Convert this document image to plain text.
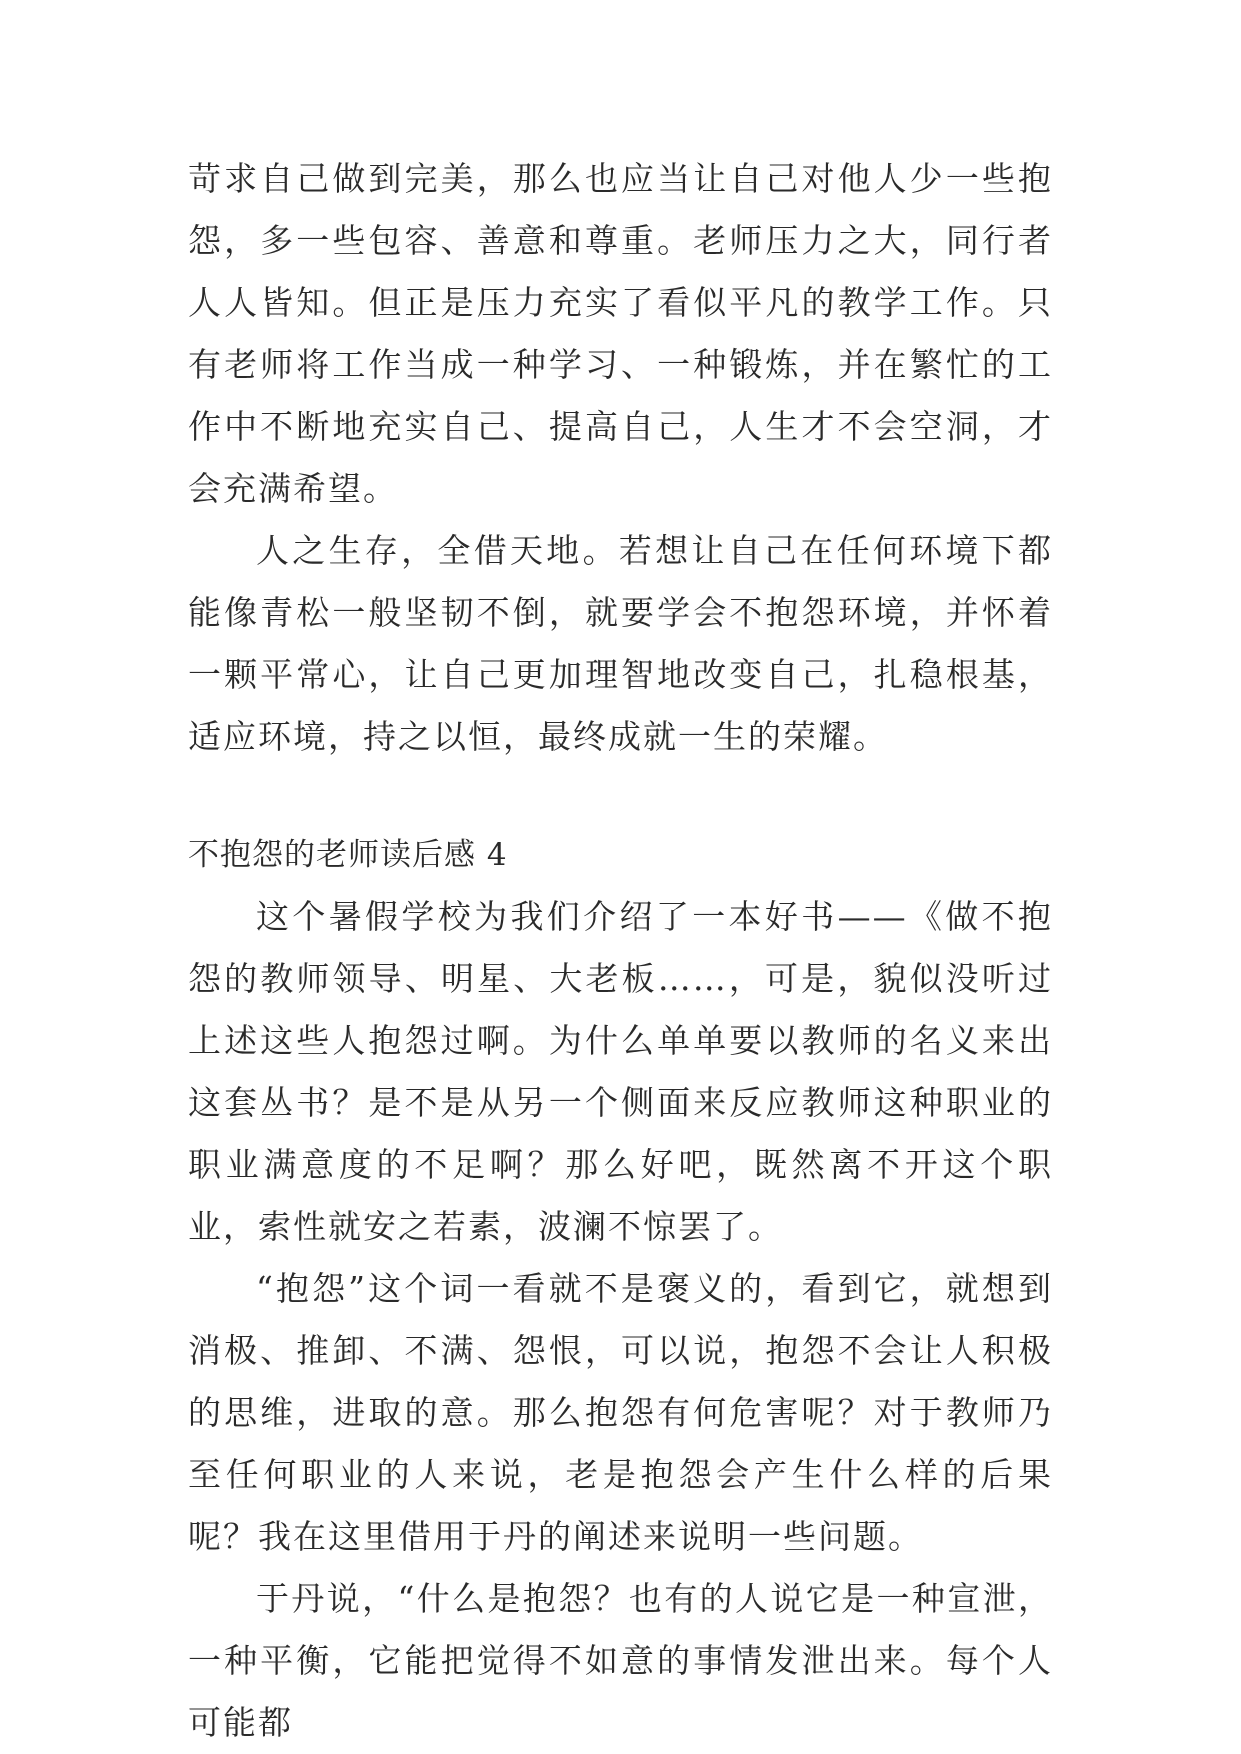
苛求自己做到完美，那么也应当让自己对他人少一些抱怨，多一些包容、善意和尊重。老师压力之大，同行者人人皆知。但正是压力充实了看似平凡的教学工作。只有老师将工作当成一种学习、一种锻炼，并在繁忙的工作中不断地充实自己、提高自己，人生才不会空洞，才会充满希望。

人之生存，全借天地。若想让自己在任何环境下都能像青松一般坚韧不倒，就要学会不抱怨环境，并怀着一颗平常心，让自己更加理智地改变自己，扎稳根基，适应环境，持之以恒，最终成就一生的荣耀。

不抱怨的老师读后感 4

这个暑假学校为我们介绍了一本好书——《做不抱怨的教师领导、明星、大老板……，可是，貌似没听过上述这些人抱怨过啊。为什么单单要以教师的名义来出这套丛书？是不是从另一个侧面来反应教师这种职业的职业满意度的不足啊？那么好吧，既然离不开这个职业，索性就安之若素，波澜不惊罢了。

“抱怨”这个词一看就不是褒义的，看到它，就想到消极、推卸、不满、怨恨，可以说，抱怨不会让人积极的思维，进取的意。那么抱怨有何危害呢？对于教师乃至任何职业的人来说，老是抱怨会产生什么样的后果呢？我在这里借用于丹的阐述来说明一些问题。

于丹说，“什么是抱怨？也有的人说它是一种宣泄，一种平衡，它能把觉得不如意的事情发泄出来。每个人可能都
